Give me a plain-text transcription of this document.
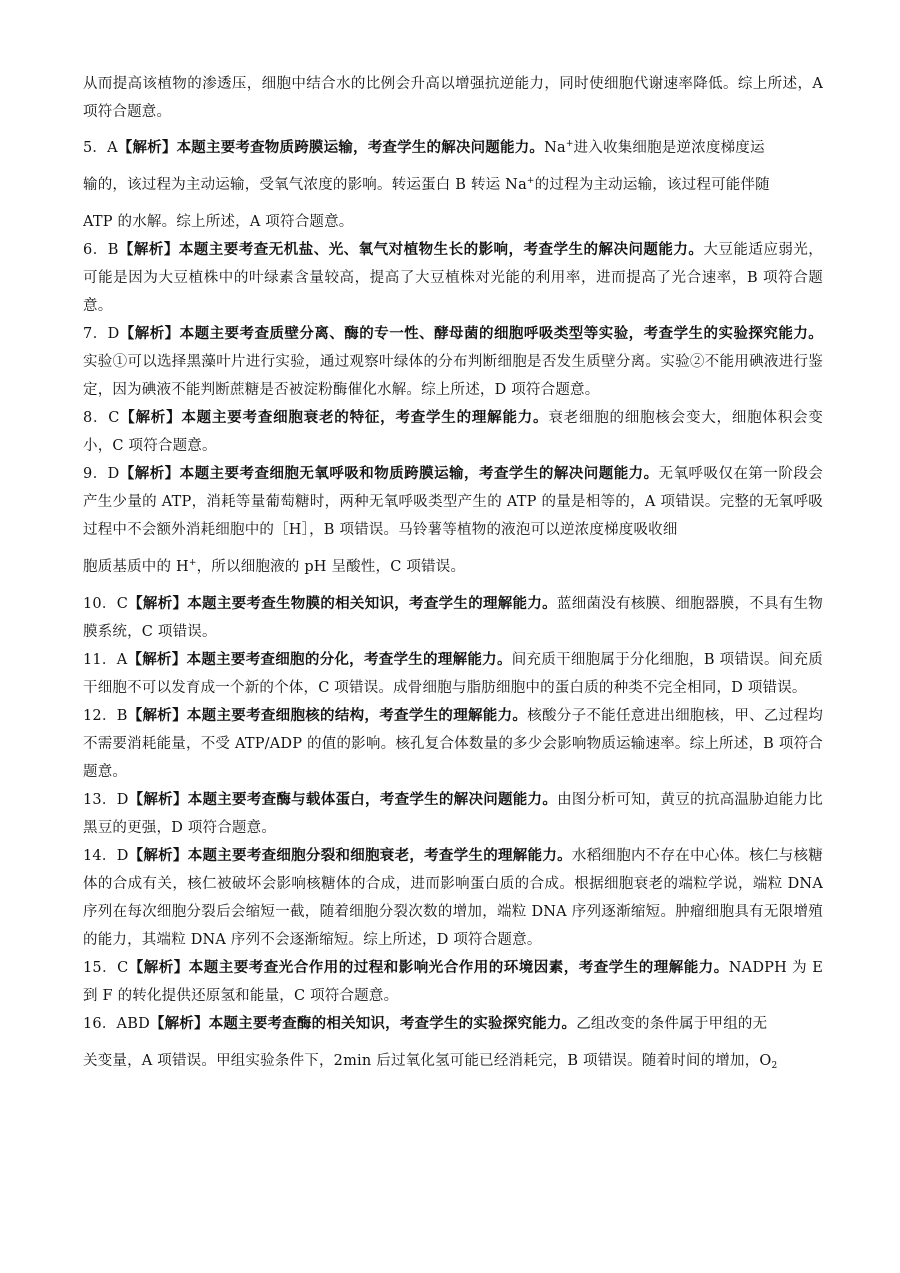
从而提高该植物的渗透压，细胞中结合水的比例会升高以增强抗逆能力，同时使细胞代谢速率降低。综上所述，A 项符合题意。

5．A【解析】本题主要考查物质跨膜运输，考查学生的解决问题能力。Na+进入收集细胞是逆浓度梯度运

输的，该过程为主动运输，受氧气浓度的影响。转运蛋白 B 转运 Na+的过程为主动运输，该过程可能伴随

ATP 的水解。综上所述，A 项符合题意。

6．B【解析】本题主要考查无机盐、光、氧气对植物生长的影响，考查学生的解决问题能力。大豆能适应弱光，可能是因为大豆植株中的叶绿素含量较高，提高了大豆植株对光能的利用率，进而提高了光合速率，B 项符合题意。

7．D【解析】本题主要考查质壁分离、酶的专一性、酵母菌的细胞呼吸类型等实验，考查学生的实验探究能力。实验①可以选择黑藻叶片进行实验，通过观察叶绿体的分布判断细胞是否发生质壁分离。实验②不能用碘液进行鉴定，因为碘液不能判断蔗糖是否被淀粉酶催化水解。综上所述，D 项符合题意。

8．C【解析】本题主要考查细胞衰老的特征，考查学生的理解能力。衰老细胞的细胞核会变大，细胞体积会变小，C 项符合题意。

9．D【解析】本题主要考查细胞无氧呼吸和物质跨膜运输，考查学生的解决问题能力。无氧呼吸仅在第一阶段会产生少量的 ATP，消耗等量葡萄糖时，两种无氧呼吸类型产生的 ATP 的量是相等的，A 项错误。完整的无氧呼吸过程中不会额外消耗细胞中的［H］，B 项错误。马铃薯等植物的液泡可以逆浓度梯度吸收细

胞质基质中的 H+，所以细胞液的 pH 呈酸性，C 项错误。

10．C【解析】本题主要考查生物膜的相关知识，考查学生的理解能力。蓝细菌没有核膜、细胞器膜，不具有生物膜系统，C 项错误。

11．A【解析】本题主要考查细胞的分化，考查学生的理解能力。间充质干细胞属于分化细胞，B 项错误。间充质干细胞不可以发育成一个新的个体，C 项错误。成骨细胞与脂肪细胞中的蛋白质的种类不完全相同，D 项错误。

12．B【解析】本题主要考查细胞核的结构，考查学生的理解能力。核酸分子不能任意进出细胞核，甲、乙过程均不需要消耗能量，不受 ATP/ADP 的值的影响。核孔复合体数量的多少会影响物质运输速率。综上所述，B 项符合题意。

13．D【解析】本题主要考查酶与载体蛋白，考查学生的解决问题能力。由图分析可知，黄豆的抗高温胁迫能力比黑豆的更强，D 项符合题意。

14．D【解析】本题主要考查细胞分裂和细胞衰老，考查学生的理解能力。水稻细胞内不存在中心体。核仁与核糖体的合成有关，核仁被破坏会影响核糖体的合成，进而影响蛋白质的合成。根据细胞衰老的端粒学说，端粒 DNA 序列在每次细胞分裂后会缩短一截，随着细胞分裂次数的增加，端粒 DNA 序列逐渐缩短。肿瘤细胞具有无限增殖的能力，其端粒 DNA 序列不会逐渐缩短。综上所述，D 项符合题意。

15．C【解析】本题主要考查光合作用的过程和影响光合作用的环境因素，考查学生的理解能力。NADPH 为 E 到 F 的转化提供还原氢和能量，C 项符合题意。

16．ABD【解析】本题主要考查酶的相关知识，考查学生的实验探究能力。乙组改变的条件属于甲组的无

关变量，A 项错误。甲组实验条件下，2min 后过氧化氢可能已经消耗完，B 项错误。随着时间的增加，$O_2$
